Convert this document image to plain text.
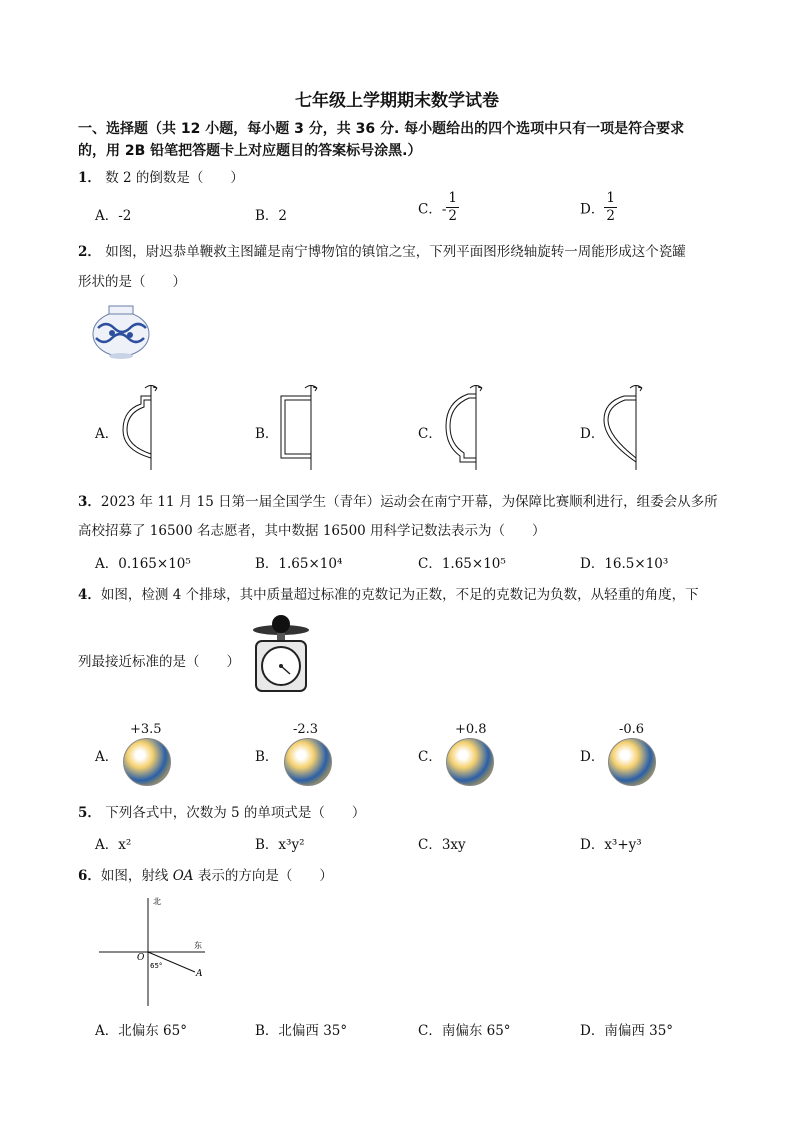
七年级上学期期末数学试卷
一、选择题（共 12 小题，每小题 3 分，共 36 分. 每小题给出的四个选项中只有一项是符合要求
的，用 2B 铅笔把答题卡上对应题目的答案标号涂黑.）
1． 数 2 的倒数是（　　）
A．-2	B．2	C．- $\frac{1}{2}$	D． $\frac{1}{2}$
2． 如图，尉迟恭单鞭救主图罐是南宁博物馆的镇馆之宝，下列平面图形绕轴旋转一周能形成这个瓷罐
形状的是（　　）
A．	B．	C．	D．
3．2023 年 11 月 15 日第一届全国学生（青年）运动会在南宁开幕，为保障比赛顺利进行，组委会从多所
高校招募了 16500 名志愿者，其中数据 16500 用科学记数法表示为（　　）
A．0.165×10⁵	B．1.65×10⁴	C．1.65×10⁵	D．16.5×10³
4．如图，检测 4 个排球，其中质量超过标准的克数记为正数，不足的克数记为负数，从轻重的角度，下
列最接近标准的是（　　）
+3.5	-2.3	+0.8	-0.6
A．	B．	C．	D．
5． 下列各式中，次数为 5 的单项式是（　　）
A．x²	B．x³y²	C．3xy	D．x³+y³
6．如图，射线 OA 表示的方向是（　　）
北
东
O
A
65°
A．北偏东 65°	B．北偏西 35°	C．南偏东 65°	D．南偏西 35°
